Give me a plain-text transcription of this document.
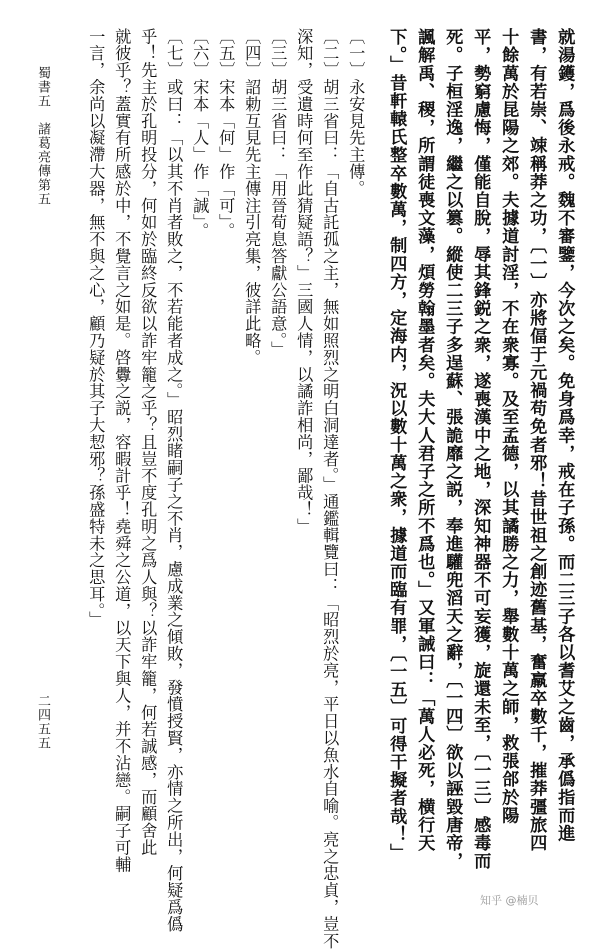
就湯鑊，爲後永戒。魏不審鑒，今次之矣。免身爲幸，戒在子孫。而二三子各以耆艾之齒，承僞指而進
書，有若崇、竦稱莽之功，〔一〕亦將偪于元禍苟免者邪！昔世祖之創迹舊基，奮羸卒數千，摧莽彊旅四
十餘萬於昆陽之郊。夫據道討淫，不在衆寡。及至孟德，以其譎勝之力，舉數十萬之師，救張郃於陽
平，勢窮慮悔，僅能自脫，辱其鋒鋭之衆，遂喪漢中之地，深知神器不可妄獲，旋還未至，〔一三〕感毒而
死。子桓淫逸，繼之以篡。縱使二三子多逞蘇、張詭靡之説，奉進驩兜滔天之辭，〔一四〕欲以誣毀唐帝，
諷解禹、稷，所謂徒喪文藻，煩勞翰墨者矣。夫大人君子之所不爲也。」又軍誡曰：「萬人必死，横行天
下。」昔軒轅氏整卒數萬，制四方，定海内，況以數十萬之衆，據道而臨有罪，〔一五〕可得干擬者哉！」
〔一〕永安見先主傳。
〔二〕胡三省曰：「自古託孤之主，無如照烈之明白洞達者。」通鑑輯覽曰：「昭烈於亮，平日以魚水自喻。亮之忠貞，豈不
深知，受遺時何至作此猜疑語？」三國人情，以譎詐相尚，鄙哉！」
〔三〕胡三省曰：「用晉荀息答獻公語意。」
〔四〕詔勅互見先主傳注引亮集，彼詳此略。
〔五〕宋本「何」作「可」。
〔六〕宋本「人」作「誠」。
〔七〕或曰：「以其不肖者敗之，不若能者成之。」昭烈睹嗣子之不肖，慮成業之傾敗，發憤授賢，亦情之所出，何疑爲僞
乎！先主於孔明投分，何如於臨終反欲以詐牢籠之乎？且豈不度孔明之爲人與？以詐牢籠，何若誠感，而顧舍此
就彼乎？蓋實有所感於中，不覺言之如是。啓釁之説，容暇計乎！堯舜之公道，以天下與人，并不沾戀。嗣子可輔
一言，余尚以凝滯大器，無不與之心，顧乃疑於其子大恝邪？孫盛特未之思耳。」
蜀書五　諸葛亮傳第五
二四五五
知乎 @楠贝
